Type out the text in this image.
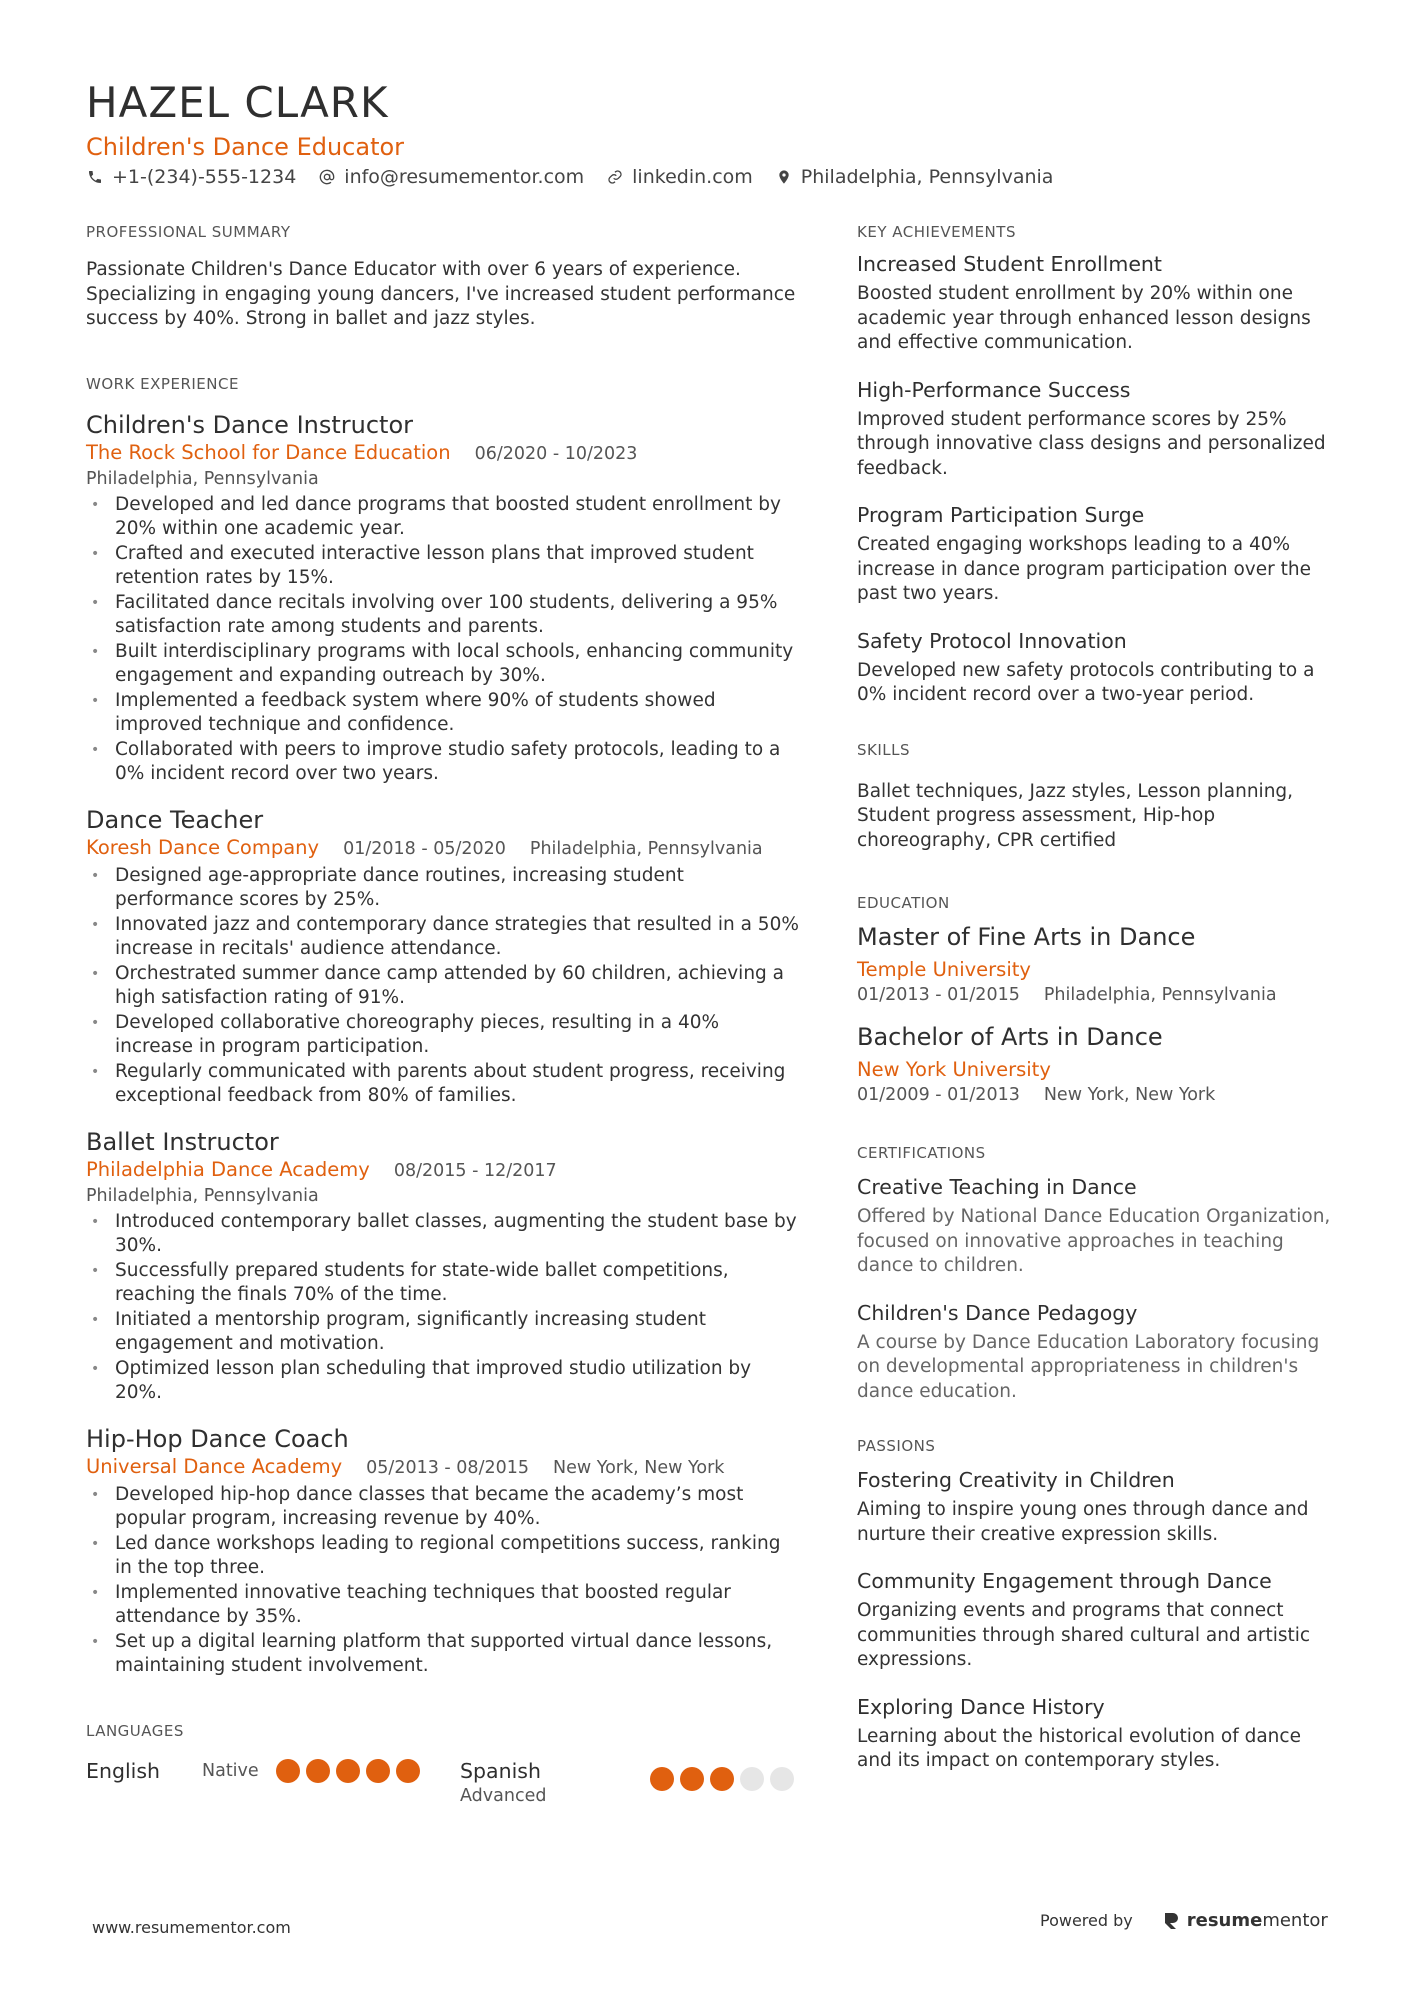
HAZEL CLARK
Children's Dance Educator
+1-(234)-555-1234	info@resumementor.com	linkedin.com	Philadelphia, Pennsylvania
PROFESSIONAL SUMMARY
Passionate Children's Dance Educator with over 6 years of experience. Specializing in engaging young dancers, I've increased student performance success by 40%. Strong in ballet and jazz styles.
WORK EXPERIENCE
Children's Dance Instructor
The Rock School for Dance Education 06/2020 - 10/2023
Philadelphia, Pennsylvania
• Developed and led dance programs that boosted student enrollment by 20% within one academic year.
• Crafted and executed interactive lesson plans that improved student retention rates by 15%.
• Facilitated dance recitals involving over 100 students, delivering a 95% satisfaction rate among students and parents.
• Built interdisciplinary programs with local schools, enhancing community engagement and expanding outreach by 30%.
• Implemented a feedback system where 90% of students showed improved technique and confidence.
• Collaborated with peers to improve studio safety protocols, leading to a 0% incident record over two years.
Dance Teacher
Koresh Dance Company 01/2018 - 05/2020 Philadelphia, Pennsylvania
• Designed age-appropriate dance routines, increasing student performance scores by 25%.
• Innovated jazz and contemporary dance strategies that resulted in a 50% increase in recitals' audience attendance.
• Orchestrated summer dance camp attended by 60 children, achieving a high satisfaction rating of 91%.
• Developed collaborative choreography pieces, resulting in a 40% increase in program participation.
• Regularly communicated with parents about student progress, receiving exceptional feedback from 80% of families.
Ballet Instructor
Philadelphia Dance Academy 08/2015 - 12/2017
Philadelphia, Pennsylvania
• Introduced contemporary ballet classes, augmenting the student base by 30%.
• Successfully prepared students for state-wide ballet competitions, reaching the finals 70% of the time.
• Initiated a mentorship program, significantly increasing student engagement and motivation.
• Optimized lesson plan scheduling that improved studio utilization by 20%.
Hip-Hop Dance Coach
Universal Dance Academy 05/2013 - 08/2015 New York, New York
• Developed hip-hop dance classes that became the academy’s most popular program, increasing revenue by 40%.
• Led dance workshops leading to regional competitions success, ranking in the top three.
• Implemented innovative teaching techniques that boosted regular attendance by 35%.
• Set up a digital learning platform that supported virtual dance lessons, maintaining student involvement.
LANGUAGES
English	Native	Spanish
Advanced
KEY ACHIEVEMENTS
Increased Student Enrollment
Boosted student enrollment by 20% within one academic year through enhanced lesson designs and effective communication.
High-Performance Success
Improved student performance scores by 25% through innovative class designs and personalized feedback.
Program Participation Surge
Created engaging workshops leading to a 40% increase in dance program participation over the past two years.
Safety Protocol Innovation
Developed new safety protocols contributing to a 0% incident record over a two-year period.
SKILLS
Ballet techniques, Jazz styles, Lesson planning, Student progress assessment, Hip-hop choreography, CPR certified
EDUCATION
Master of Fine Arts in Dance
Temple University
01/2013 - 01/2015 Philadelphia, Pennsylvania
Bachelor of Arts in Dance
New York University
01/2009 - 01/2013 New York, New York
CERTIFICATIONS
Creative Teaching in Dance
Offered by National Dance Education Organization, focused on innovative approaches in teaching dance to children.
Children's Dance Pedagogy
A course by Dance Education Laboratory focusing on developmental appropriateness in children's dance education.
PASSIONS
Fostering Creativity in Children
Aiming to inspire young ones through dance and nurture their creative expression skills.
Community Engagement through Dance
Organizing events and programs that connect communities through shared cultural and artistic expressions.
Exploring Dance History
Learning about the historical evolution of dance and its impact on contemporary styles.
www.resumementor.com	Powered by	resume mentor
